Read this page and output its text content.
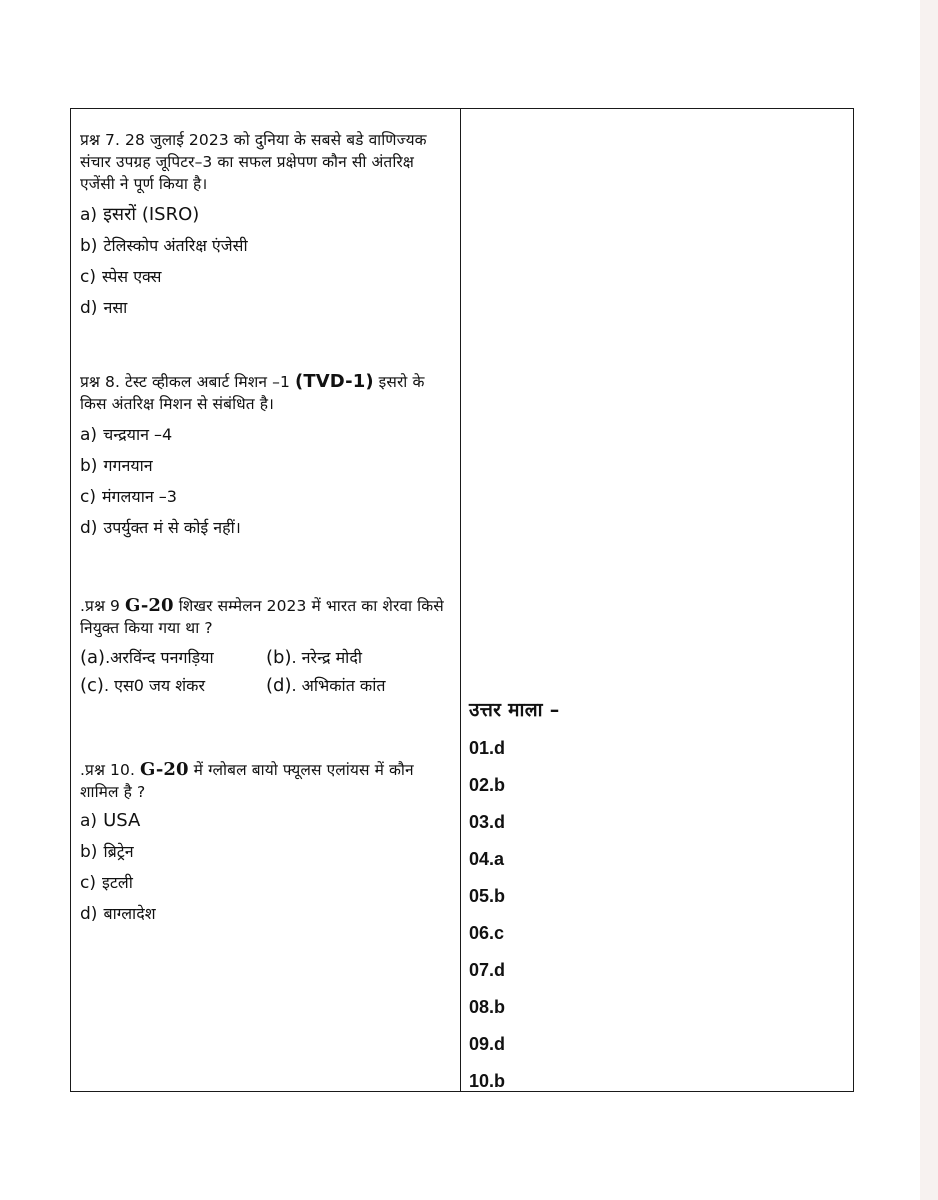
प्रश्न 7. 28 जुलाई 2023 को दुनिया के सबसे बडे वाणिज्यक संचार उपग्रह जूपिटर–3 का सफल प्रक्षेपण कौन सी अंतरिक्ष एजेंसी ने पूर्ण किया है।
a) इसरों (ISRO)
b) टेलिस्कोप अंतरिक्ष एंजेसी
c) स्पेस एक्स
d) नसा
प्रश्न 8. टेस्ट व्हीकल अबार्ट मिशन –1 (TVD-1) इसरो के किस अंतरिक्ष मिशन से संबंधित है।
a) चन्द्रयान –4
b) गगनयान
c) मंगलयान –3
d) उपर्युक्त मं से कोई नहीं।
.प्रश्न 9 G-20 शिखर सम्मेलन 2023 में भारत का शेरवा किसे नियुक्त किया गया था ?
(a).अरविंन्द पनगड़िया	(b). नरेन्द्र मोदी
(c). एस0 जय शंकर	(d). अभिकांत कांत
.प्रश्न 10. G-20 में ग्लोबल बायो फ्यूलस एलांयस में कौन शामिल है ?
a) USA
b) ब्रिट्रेन
c) इटली
d) बाग्लादेश
उत्तर माला –
01.d
02.b
03.d
04.a
05.b
06.c
07.d
08.b
09.d
10.b
